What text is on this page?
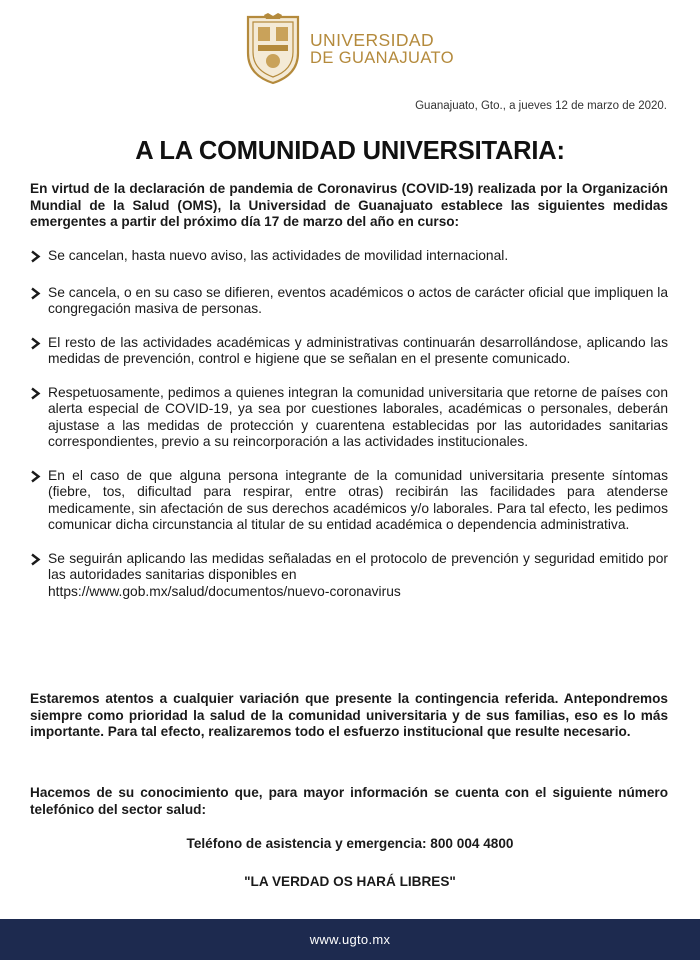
UNIVERSIDAD
DE GUANAJUATO
Guanajuato, Gto., a jueves 12 de marzo de 2020.
A LA COMUNIDAD UNIVERSITARIA:
En virtud de la declaración de pandemia de Coronavirus (COVID-19) realizada por la Organización Mundial de la Salud (OMS), la Universidad de Guanajuato establece las siguientes medidas emergentes a partir del próximo día 17 de marzo del año en curso:
Se cancelan, hasta nuevo aviso, las actividades de movilidad internacional.
Se cancela, o en su caso se difieren, eventos académicos o actos de carácter oficial que impliquen la congregación masiva de personas.
El resto de las actividades académicas y administrativas continuarán desarrollándose, aplicando las medidas de prevención, control e higiene que se señalan en el presente comunicado.
Respetuosamente, pedimos a quienes integran la comunidad universitaria que retorne de países con alerta especial de COVID-19, ya sea por cuestiones laborales, académicas o personales, deberán ajustase a las medidas de protección y cuarentena establecidas por las autoridades sanitarias correspondientes, previo a su reincorporación a las actividades institucionales.
En el caso de que alguna persona integrante de la comunidad universitaria presente síntomas (fiebre, tos, dificultad para respirar, entre otras) recibirán las facilidades para atenderse medicamente, sin afectación de sus derechos académicos y/o laborales. Para tal efecto, les pedimos comunicar dicha circunstancia al titular de su entidad académica o dependencia administrativa.
Se seguirán aplicando las medidas señaladas en el protocolo de prevención y seguridad emitido por las autoridades sanitarias disponibles en
https://www.gob.mx/salud/documentos/nuevo-coronavirus
Estaremos atentos a cualquier variación que presente la contingencia referida. Antepondremos siempre como prioridad la salud de la comunidad universitaria y de sus familias, eso es lo más importante. Para tal efecto, realizaremos todo el esfuerzo institucional que resulte necesario.
Hacemos de su conocimiento que, para mayor información se cuenta con el siguiente número telefónico del sector salud:
Teléfono de asistencia y emergencia: 800 004 4800
"LA VERDAD OS HARÁ LIBRES"
www.ugto.mx
